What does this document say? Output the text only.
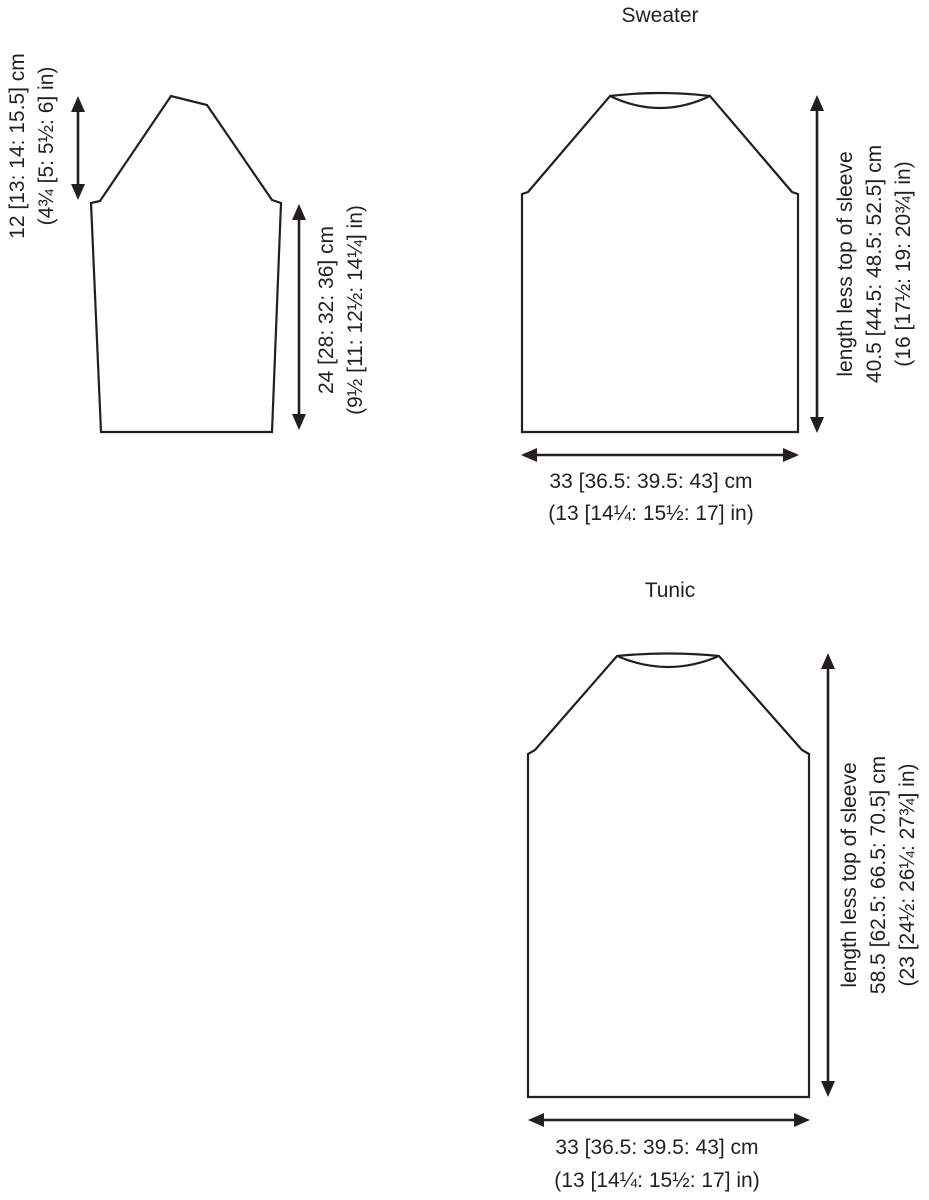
12 [13: 14: 15.5] cm (4¾ [5: 5½: 6] in)
24 [28: 32: 36] cm (9½ [11: 12½: 14¼] in)
Sweater
33 [36.5: 39.5: 43] cm
(13 [14¼: 15½: 17] in)
length less top of sleeve 40.5 [44.5: 48.5: 52.5] cm (16 [17½: 19: 20¾] in)
Tunic
33 [36.5: 39.5: 43] cm
(13 [14¼: 15½: 17] in)
length less top of sleeve 58.5 [62.5: 66.5: 70.5] cm (23 [24½: 26¼: 27¾] in)
